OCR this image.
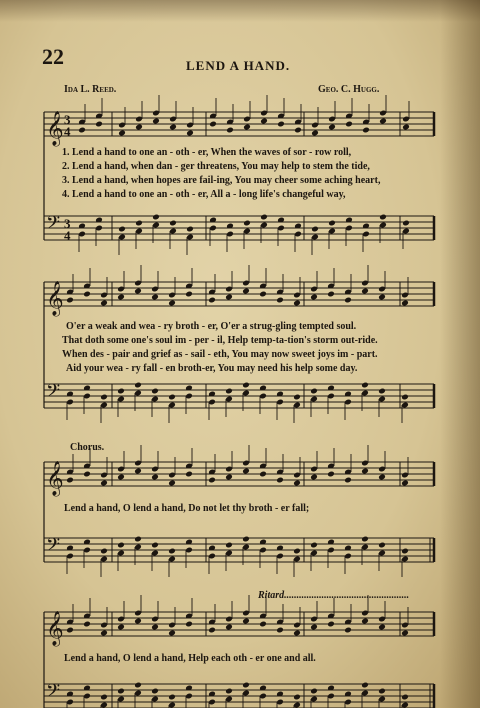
𝄞 3
4
𝄢 3
4
𝄞
𝄢
𝄞
𝄢
𝄞
𝄢
22	LEND A HAND.
Ida L. Reed.	Geo. C. Hugg.
1. Lend a hand to one an - oth - er, When the waves of sor - row roll,
2. Lend a hand, when dan - ger threatens, You may help to stem the tide,
3. Lend a hand, when hopes are fail-ing, You may cheer some aching heart,
4. Lend a hand to one an - oth - er, All a - long life's changeful way,
O'er a weak and wea - ry broth - er, O'er a strug-gling tempted soul.
That doth some one's soul im - per - il, Help temp-ta-tion's storm out-ride.
When des - pair and grief as - sail - eth, You may now sweet joys im - part.
Aid your wea - ry fall - en broth-er, You may need his help some day.
Chorus.
Lend a hand, O lend a hand, Do not let thy broth - er fall;
Ritard..................................................
Lend a hand, O lend a hand, Help each oth - er one and all.
